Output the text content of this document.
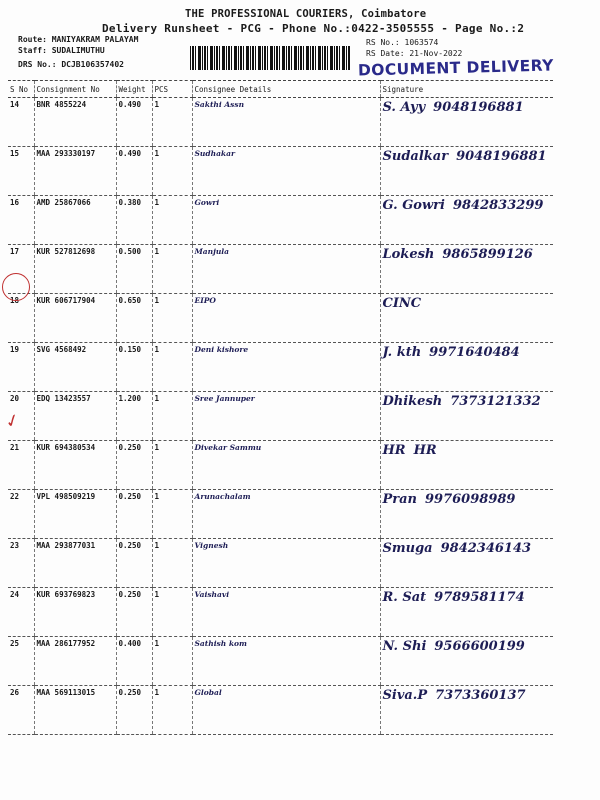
THE PROFESSIONAL COURIERS, Coimbatore
Delivery Runsheet - PCG - Phone No.:0422-3505555 - Page No.:2
Route: MANIYAKRAM PALAYAM
Staff: SUDALIMUTHU
DRS No.: DCJB106357402
RS No.: 1063574
RS Date: 21-Nov-2022
DOCUMENT DELIVERY
S No	Consignment No	Weight	PCS	Consignee Details	Signature
14	BNR 4855224	0.490	1	Sakthi Assn	S. Ayy 9048196881
15	MAA 293330197	0.490	1	Sudhakar	Sudalkar 9048196881
16	AMD 25867066	0.380	1	Gowri	G. Gowri 9842833299
17	KUR 527812698	0.500	1	Manjula	Lokesh 9865899126
18	KUR 606717904	0.650	1	EIPO	CINC
19	SVG 4568492	0.150	1	Deni kishore	J. kth 9971640484
20	EDQ 13423557	1.200	1	Sree Jannuper	Dhikesh 7373121332
21	KUR 694380534	0.250	1	Divekar Sammu	HR HR
22	VPL 498509219	0.250	1	Arunachalam	Pran 9976098989
23	MAA 293877031	0.250	1	Vignesh	Smuga 9842346143
24	KUR 693769823	0.250	1	Vaishavi	R. Sat 9789581174
25	MAA 286177952	0.400	1	Sathish kom	N. Shi 9566600199
26	MAA 569113015	0.250	1	Global	Siva.P 7373360137
✓
